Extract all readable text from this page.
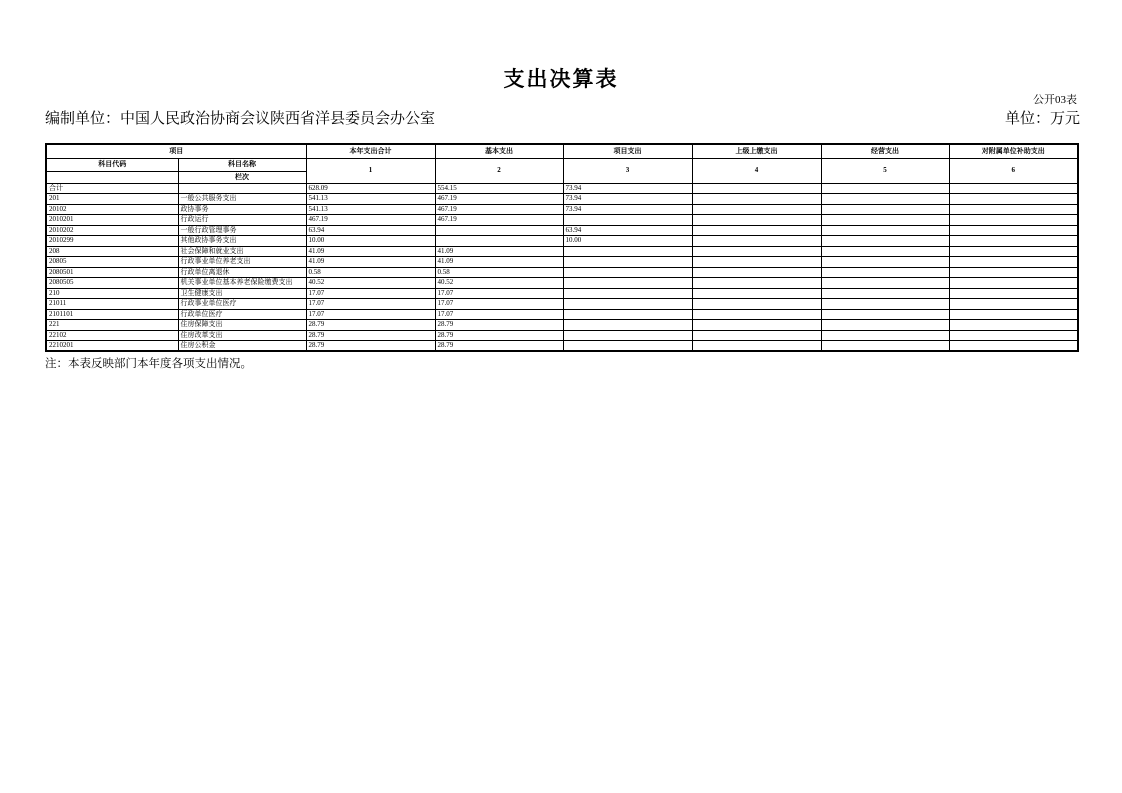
支出决算表
公开03表
编制单位：中国人民政治协商会议陕西省洋县委员会办公室	单位：万元
项目		本年支出合计	基本支出	项目支出	上级上缴支出	经营支出	对附属单位补助支出
科目代码	科目名称	1	2	3	4	5	6
	栏次						
合计		628.09	554.15	73.94			
201	一般公共服务支出	541.13	467.19	73.94			
20102	政协事务	541.13	467.19	73.94			
2010201	行政运行	467.19	467.19				
2010202	一般行政管理事务	63.94		63.94			
2010299	其他政协事务支出	10.00		10.00			
208	社会保障和就业支出	41.09	41.09				
20805	行政事业单位养老支出	41.09	41.09				
2080501	行政单位离退休	0.58	0.58				
2080505	机关事业单位基本养老保险缴费支出	40.52	40.52				
210	卫生健康支出	17.07	17.07				
21011	行政事业单位医疗	17.07	17.07				
2101101	行政单位医疗	17.07	17.07				
221	住房保障支出	28.79	28.79				
22102	住房改革支出	28.79	28.79				
2210201	住房公积金	28.79	28.79				
注：本表反映部门本年度各项支出情况。
